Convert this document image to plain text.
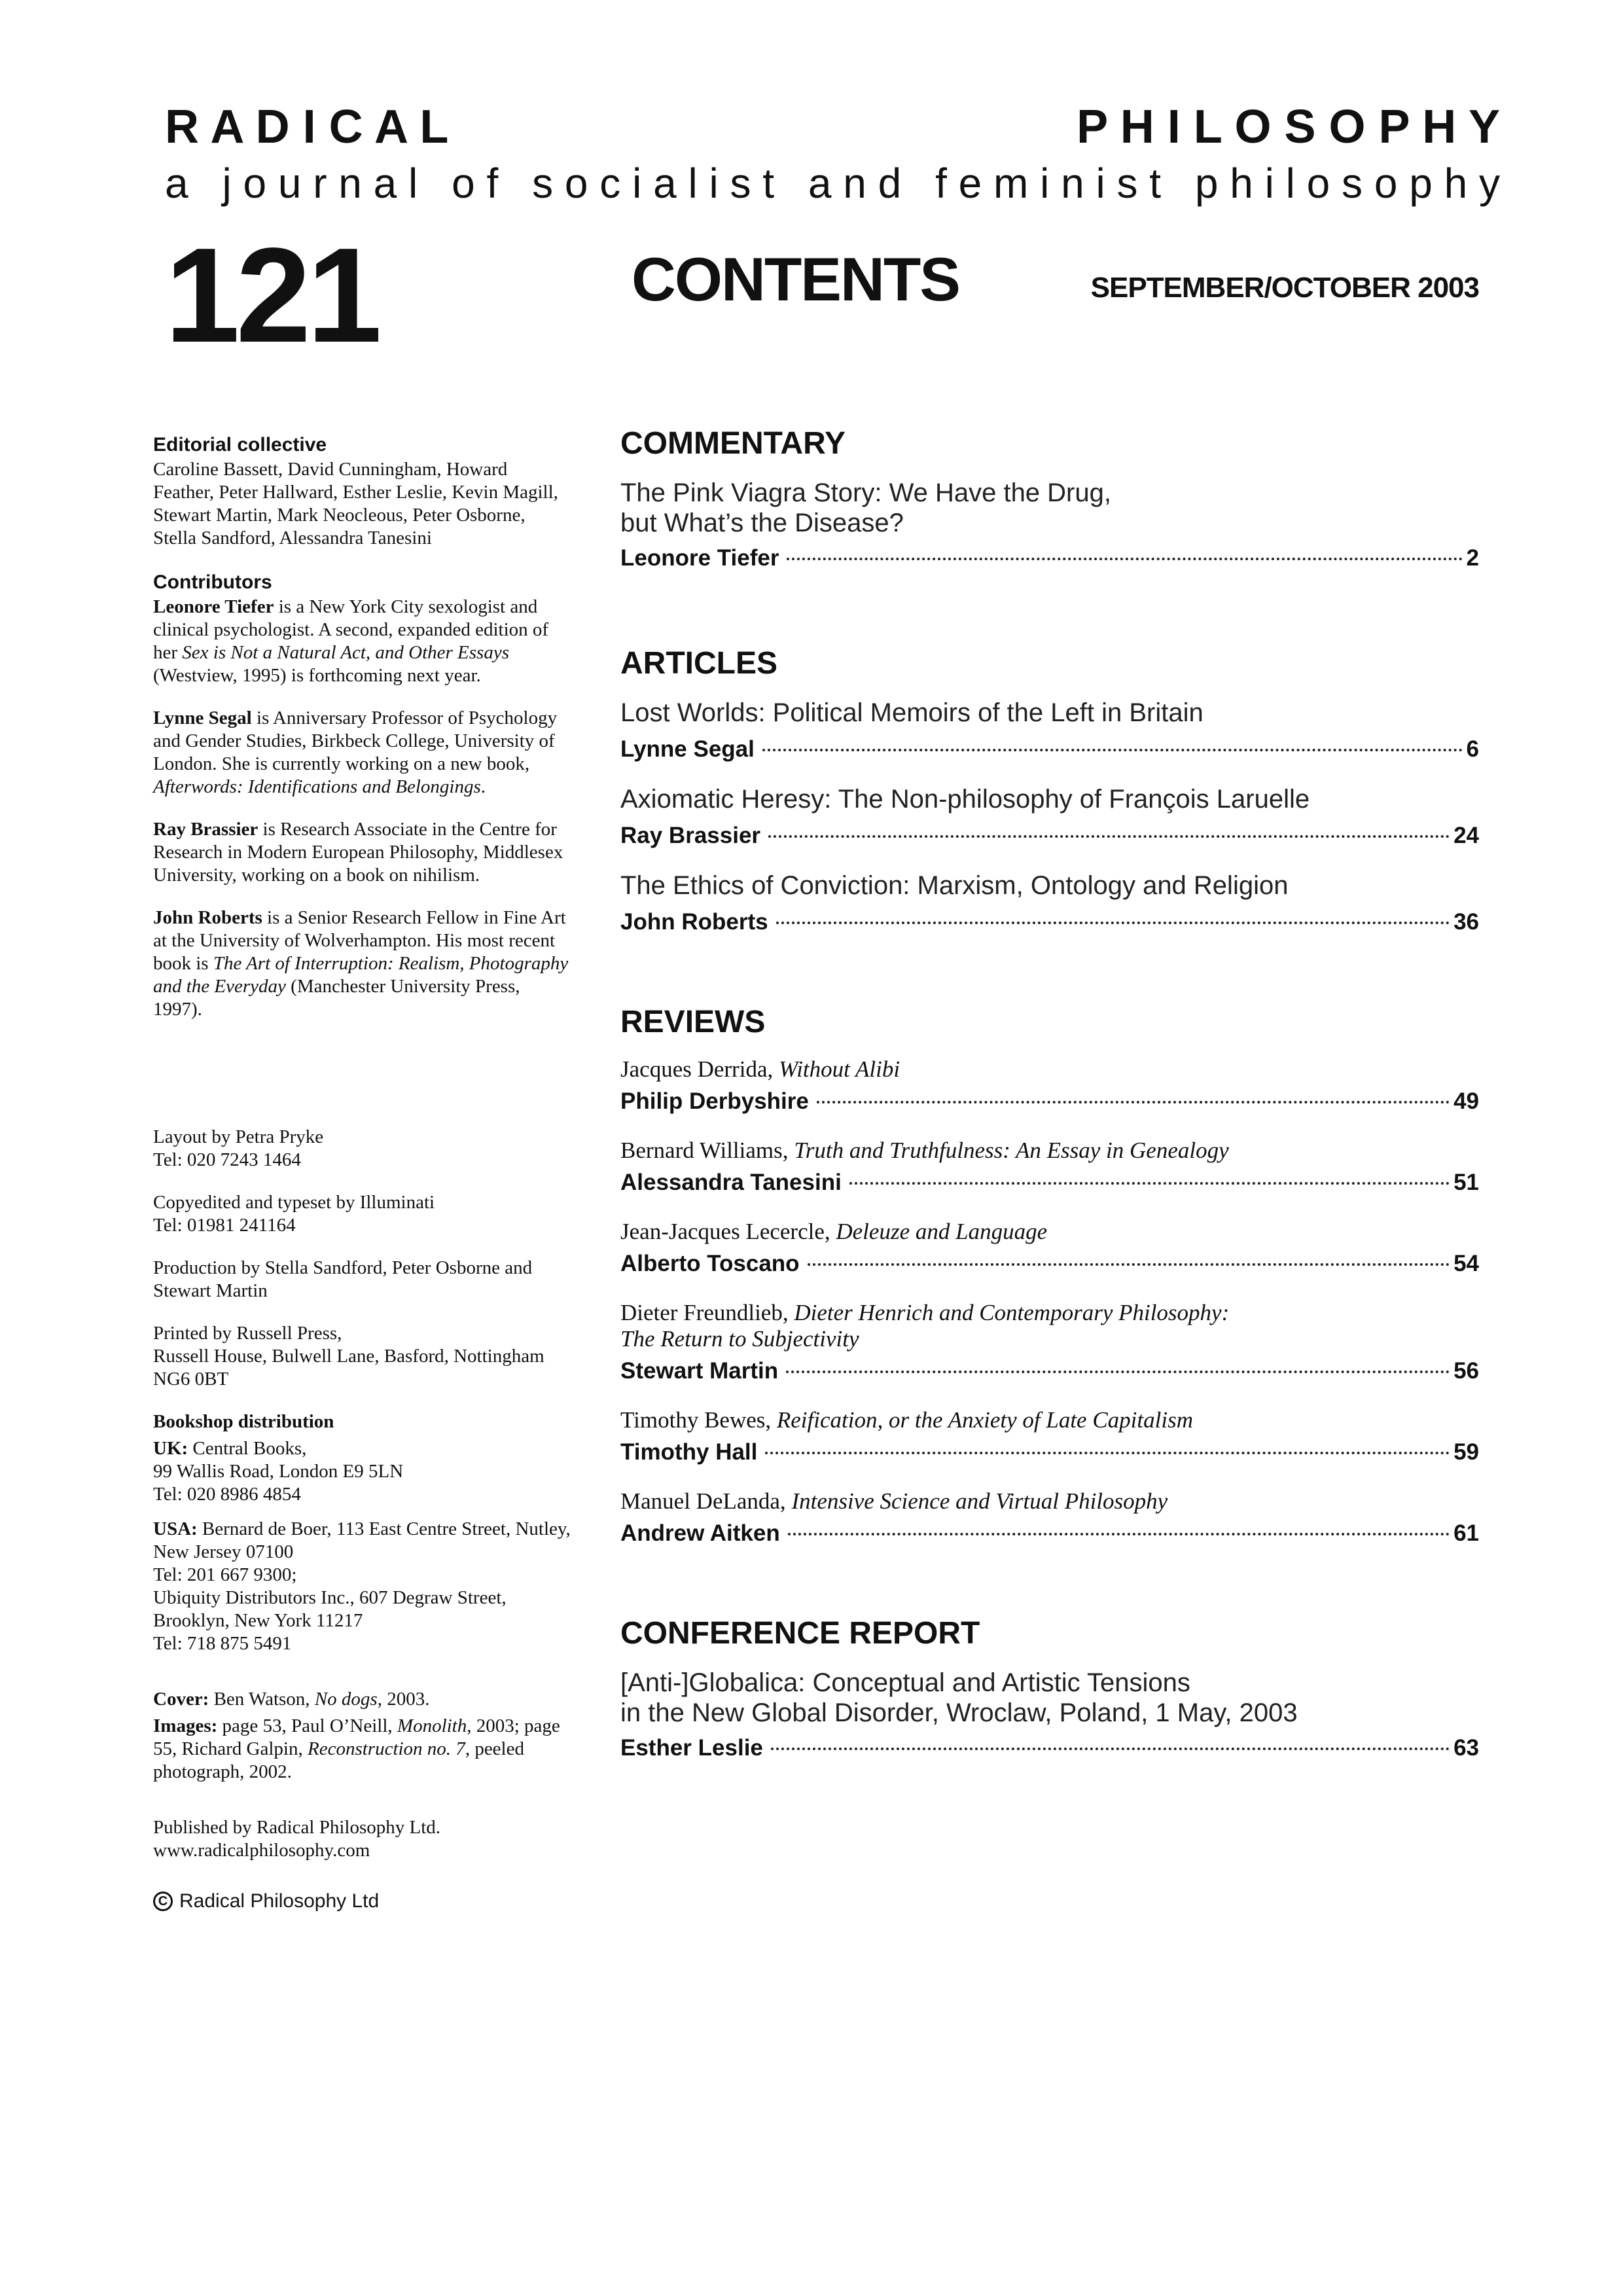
R A D I C A L	P H I L O S O P H Y
a j o u r n a l o f s o c i a l i s t a n d f e m i n i s t p h i l o s o p h y
121	CONTENTS	SEPTEMBER/OCTOBER 2003

Editorial collective

Caroline Bassett, David Cunningham, Howard Feather, Peter Hallward, Esther Leslie, Kevin Magill, Stewart Martin, Mark Neocleous, Peter Osborne, Stella Sandford, Alessandra Tanesini

Contributors

Leonore Tiefer is a New York City sexologist and clinical psychologist. A second, expanded edition of her Sex is Not a Natural Act, and Other Essays (Westview, 1995) is forthcoming next year.
Lynne Segal is Anniversary Professor of Psychology and Gender Studies, Birkbeck College, University of London. She is currently working on a new book, Afterwords: Identifications and Belongings.
Ray Brassier is Research Associate in the Centre for Research in Modern European Philosophy, Middlesex University, working on a book on nihilism.
John Roberts is a Senior Research Fellow in Fine Art at the University of Wolverhampton. His most recent book is The Art of Interruption: Realism, Photography and the Everyday (Manchester University Press, 1997).

Layout by Petra Pryke

Tel: 020 7243 1464

Copyedited and typeset by Illuminati

Tel: 01981 241164

Production by Stella Sandford, Peter Osborne and Stewart Martin

Printed by Russell Press,

Russell House, Bulwell Lane, Basford, Nottingham NG6 0BT

Bookshop distribution

UK: Central Books,

99 Wallis Road, London E9 5LN

Tel: 020 8986 4854

USA: Bernard de Boer, 113 East Centre Street, Nutley, New Jersey 07100

Tel: 201 667 9300;

Ubiquity Distributors Inc., 607 Degraw Street, Brooklyn, New York 11217

Tel: 718 875 5491

Cover: Ben Watson, No dogs, 2003.
Images: page 53, Paul O’Neill, Monolith, 2003; page 55, Richard Galpin, Reconstruction no. 7, peeled photograph, 2002.

Published by Radical Philosophy Ltd.

www.radicalphilosophy.com

C Radical Philosophy Ltd
COMMENTARY

The Pink Viagra Story: We Have the Drug,

but What’s the Disease?

Leonore Tiefer	2
ARTICLES

Lost Worlds: Political Memoirs of the Left in Britain

Lynne Segal	6

Axiomatic Heresy: The Non-philosophy of François Laruelle

Ray Brassier	24

The Ethics of Conviction: Marxism, Ontology and Religion

John Roberts	36
REVIEWS

Jacques Derrida, Without Alibi

Philip Derbyshire	49

Bernard Williams, Truth and Truthfulness: An Essay in Genealogy

Alessandra Tanesini	51

Jean-Jacques Lecercle, Deleuze and Language

Alberto Toscano	54

Dieter Freundlieb, Dieter Henrich and Contemporary Philosophy:

The Return to Subjectivity

Stewart Martin	56

Timothy Bewes, Reification, or the Anxiety of Late Capitalism

Timothy Hall	59

Manuel DeLanda, Intensive Science and Virtual Philosophy

Andrew Aitken	61
CONFERENCE REPORT

[Anti-]Globalica: Conceptual and Artistic Tensions

in the New Global Disorder, Wroclaw, Poland, 1 May, 2003

Esther Leslie	63
